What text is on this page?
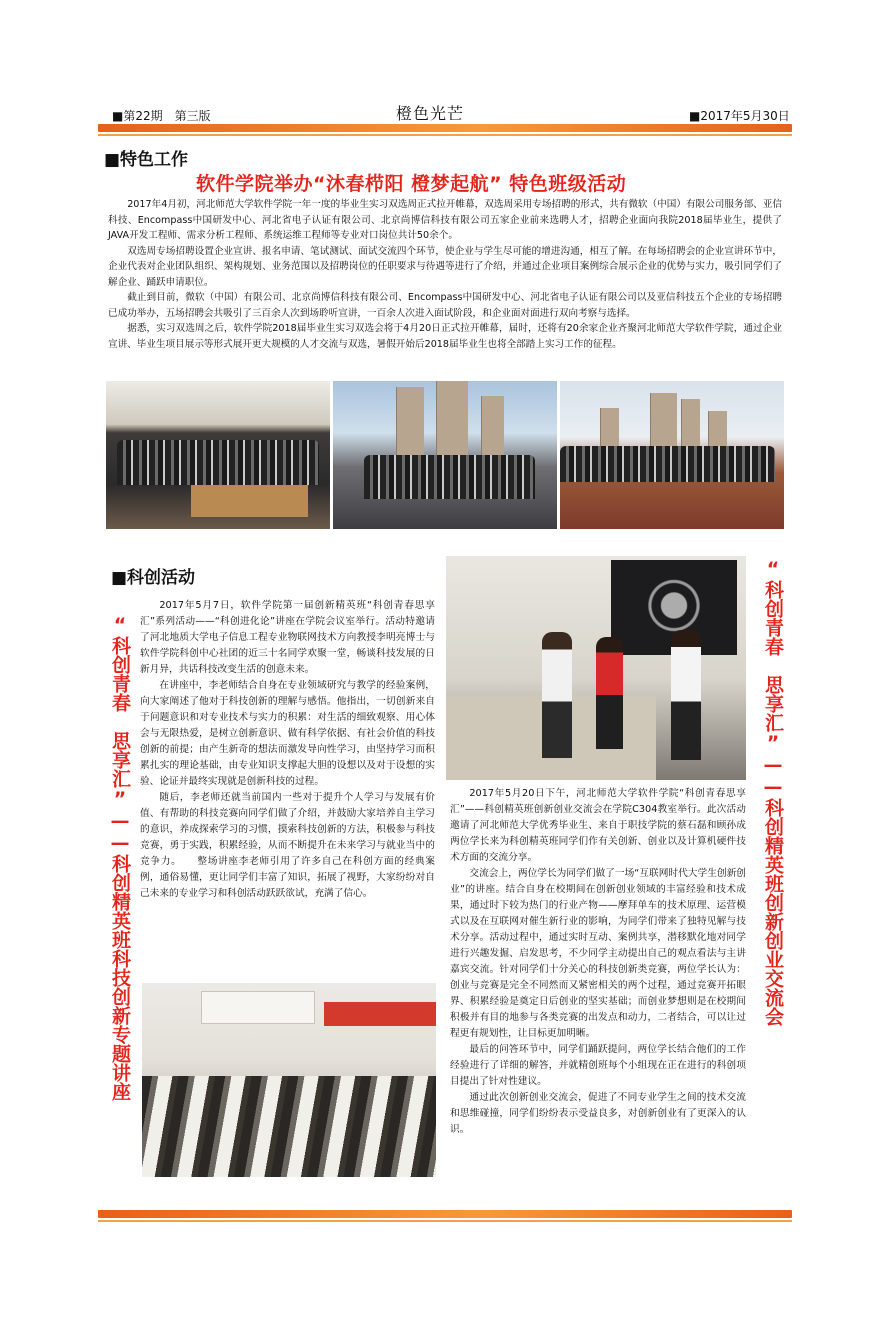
■第22期　第三版	橙色光芒	■2017年5月30日
■特色工作
软件学院举办“沐春栉阳 橙梦起航” 特色班级活动

2017年4月初，河北师范大学软件学院一年一度的毕业生实习双选周正式拉开帷幕，双选周采用专场招聘的形式，共有微软（中国）有限公司服务部、亚信科技、Encompass中国研发中心、河北省电子认证有限公司、北京尚博信科技有限公司五家企业前来选聘人才，招聘企业面向我院2018届毕业生，提供了JAVA开发工程师、需求分析工程师、系统运维工程师等专业对口岗位共计50余个。

双选周专场招聘设置企业宣讲、报名申请、笔试测试、面试交流四个环节，使企业与学生尽可能的增进沟通，相互了解。在每场招聘会的企业宣讲环节中，企业代表对企业团队组织、架构规划、业务范围以及招聘岗位的任职要求与待遇等进行了介绍，并通过企业项目案例综合展示企业的优势与实力，吸引同学们了解企业、踊跃申请职位。

截止到目前，微软（中国）有限公司、北京尚博信科技有限公司、Encompass中国研发中心、河北省电子认证有限公司以及亚信科技五个企业的专场招聘已成功举办，五场招聘会共吸引了三百余人次到场聆听宣讲，一百余人次进入面试阶段，和企业面对面进行双向考察与选择。

据悉，实习双选周之后，软件学院2018届毕业生实习双选会将于4月20日正式拉开帷幕，届时，还将有20余家企业齐聚河北师范大学软件学院，通过企业宣讲、毕业生项目展示等形式展开更大规模的人才交流与双选，暑假开始后2018届毕业生也将全部踏上实习工作的征程。

■科创活动
“科创青春　思享汇”——科创精英班科技创新专题讲座

2017年5月7日，软件学院第一届创新精英班“科创青春思享汇”系列活动——“科创进化论”讲座在学院会议室举行。活动特邀请了河北地质大学电子信息工程专业物联网技术方向教授李明亮博士与软件学院科创中心社团的近三十名同学欢聚一堂，畅谈科技发展的日新月异，共话科技改变生活的创意未来。

在讲座中，李老师结合自身在专业领域研究与教学的经验案例，向大家阐述了他对于科技创新的理解与感悟。他指出，一切创新来自于问题意识和对专业技术与实力的积累：对生活的细致观察、用心体会与无限热爱，是树立创新意识、做有科学依据、有社会价值的科技创新的前提；由产生新奇的想法而激发导向性学习，由坚持学习而积累扎实的理论基础，由专业知识支撑起大胆的设想以及对于设想的实验、论证并最终实现就是创新科技的过程。

随后，李老师还就当前国内一些对于提升个人学习与发展有价值、有帮助的科技竞赛向同学们做了介绍，并鼓励大家培养自主学习的意识，养成探索学习的习惯，摸索科技创新的方法，积极参与科技竞赛，勇于实践，积累经验，从而不断提升在未来学习与就业当中的竞争力。　　整场讲座李老师引用了许多自己在科创方面的经典案例，通俗易懂，更让同学们丰富了知识，拓展了视野，大家纷纷对自己未来的专业学习和科创活动跃跃欲试，充满了信心。

2017年5月20日下午，河北师范大学软件学院“科创青春思享汇”——科创精英班创新创业交流会在学院C304教室举行。此次活动邀请了河北师范大学优秀毕业生、来自于职技学院的蔡石磊和顾孙成两位学长来为科创精英班同学们作有关创新、创业以及计算机硬件技术方面的交流分享。

交流会上，两位学长为同学们做了一场“互联网时代大学生创新创业”的讲座。结合自身在校期间在创新创业领域的丰富经验和技术成果，通过时下较为热门的行业产物——摩拜单车的技术原理、运营模式以及在互联网对催生新行业的影响，为同学们带来了独特见解与技术分享。活动过程中，通过实时互动、案例共享，潜移默化地对同学进行兴趣发掘、启发思考，不少同学主动提出自己的观点看法与主讲嘉宾交流。针对同学们十分关心的科技创新类竞赛，两位学长认为：创业与竞赛是完全不同然而又紧密相关的两个过程，通过竞赛开拓眼界、积累经验是奠定日后创业的坚实基础；而创业梦想则是在校期间积极并有目的地参与各类竞赛的出发点和动力，二者结合，可以让过程更有规划性，让目标更加明晰。

最后的问答环节中，同学们踊跃提问，两位学长结合他们的工作经验进行了详细的解答，并就精创班每个小组现在正在进行的科创项目提出了针对性建议。

通过此次创新创业交流会，促进了不同专业学生之间的技术交流和思维碰撞，同学们纷纷表示受益良多，对创新创业有了更深入的认识。

“科创青春　思享汇”——科创精英班创新创业交流会
